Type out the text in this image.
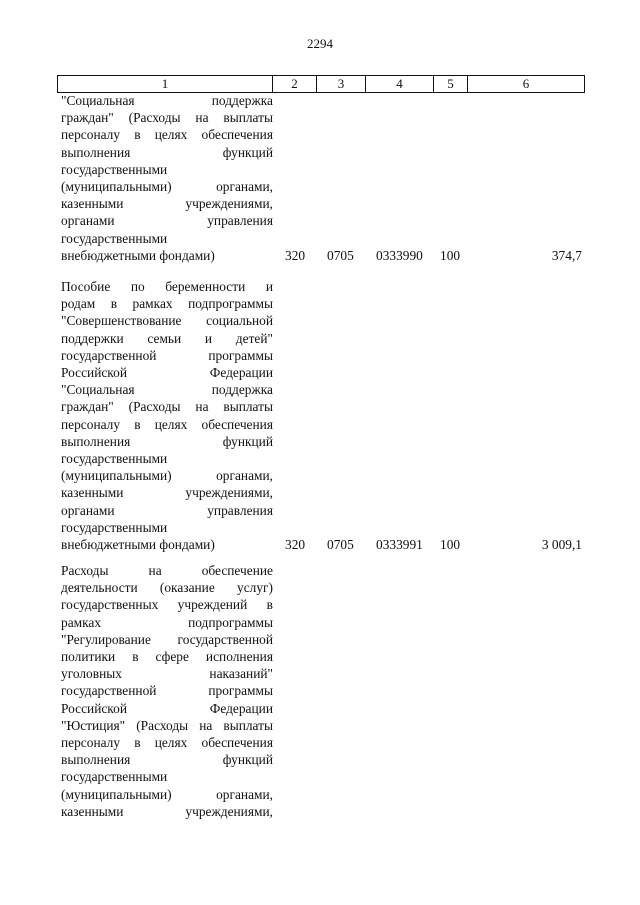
2294
1	2	3	4	5	6
"Социальная поддержка
граждан" (Расходы на выплаты
персоналу в целях обеспечения
выполнения функций
государственными
(муниципальными) органами,
казенными учреждениями,
органами управления
государственными
внебюджетными фондами)	320 0705 0333990 100	374,7
Пособие по беременности и
родам в рамках подпрограммы
"Совершенствование социальной
поддержки семьи и детей"
государственной программы
Российской Федерации
"Социальная поддержка
граждан" (Расходы на выплаты
персоналу в целях обеспечения
выполнения функций
государственными
(муниципальными) органами,
казенными учреждениями,
органами управления
государственными
внебюджетными фондами)	320 0705 0333991 100	3 009,1
Расходы на обеспечение
деятельности (оказание услуг)
государственных учреждений в
рамках подпрограммы
"Регулирование государственной
политики в сфере исполнения
уголовных наказаний"
государственной программы
Российской Федерации
"Юстиция" (Расходы на выплаты
персоналу в целях обеспечения
выполнения функций
государственными
(муниципальными) органами,
казенными учреждениями,
